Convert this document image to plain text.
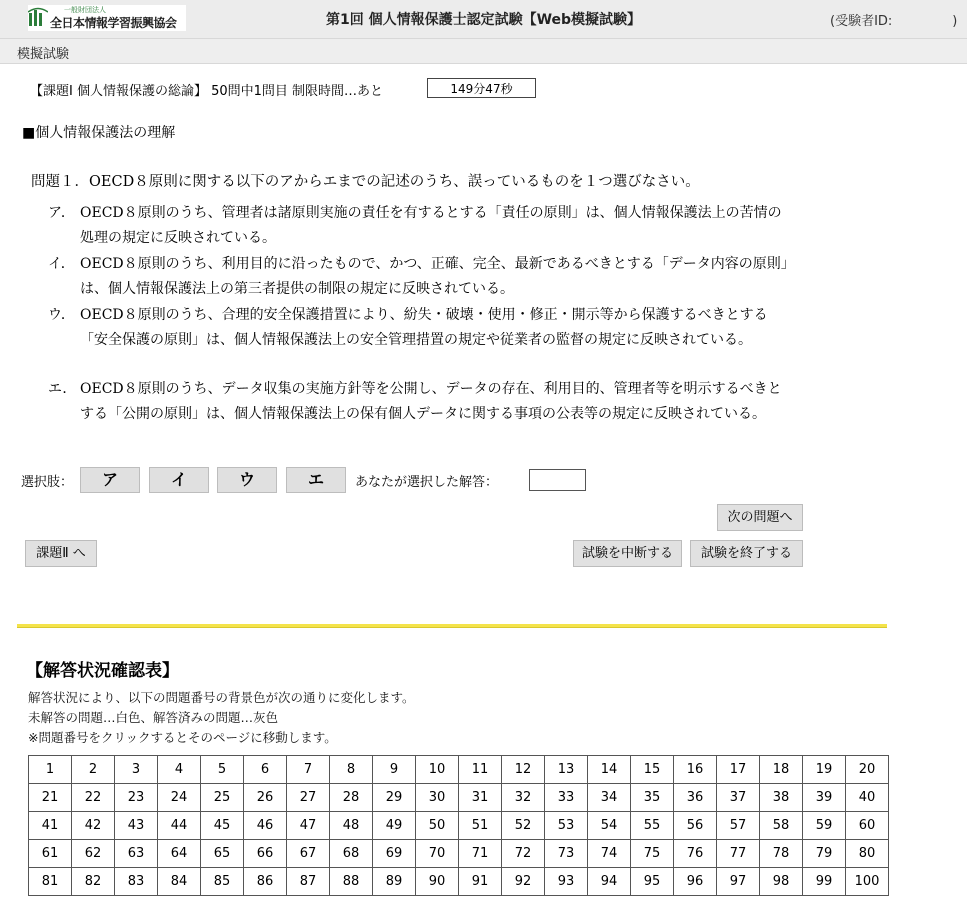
一般財団法人
全日本情報学習振興協会	第1回 個人情報保護士認定試験【Web模擬試験】	(受験者ID:	)
模擬試験
【課題Ⅰ 個人情報保護の総論】 50問中1問目 制限時間…あと	149分47秒
■個人情報保護法の理解
問題１．OECD８原則に関する以下のアからエまでの記述のうち、誤っているものを１つ選びなさい。
ア． OECD８原則のうち、管理者は諸原則実施の責任を有するとする「責任の原則」は、個人情報保護法上の苦情の処理の規定に反映されている。
イ． OECD８原則のうち、利用目的に沿ったもので、かつ、正確、完全、最新であるべきとする「データ内容の原則」は、個人情報保護法上の第三者提供の制限の規定に反映されている。
ウ． OECD８原則のうち、合理的安全保護措置により、紛失・破壊・使用・修正・開示等から保護するべきとする「安全保護の原則」は、個人情報保護法上の安全管理措置の規定や従業者の監督の規定に反映されている。
エ． OECD８原則のうち、データ収集の実施方針等を公開し、データの存在、利用目的、管理者等を明示するべきとする「公開の原則」は、個人情報保護法上の保有個人データに関する事項の公表等の規定に反映されている。
選択肢：	ア	イ	ウ	エ	あなたが選択した解答：
次の問題へ
課題Ⅱ へ	試験を中断する	試験を終了する
【解答状況確認表】
解答状況により、以下の問題番号の背景色が次の通りに変化します。
未解答の問題…白色、解答済みの問題…灰色
※問題番号をクリックするとそのページに移動します。
1	2	3	4	5	6	7	8	9	10	11	12	13	14	15	16	17	18	19	20
21	22	23	24	25	26	27	28	29	30	31	32	33	34	35	36	37	38	39	40
41	42	43	44	45	46	47	48	49	50	51	52	53	54	55	56	57	58	59	60
61	62	63	64	65	66	67	68	69	70	71	72	73	74	75	76	77	78	79	80
81	82	83	84	85	86	87	88	89	90	91	92	93	94	95	96	97	98	99	100
